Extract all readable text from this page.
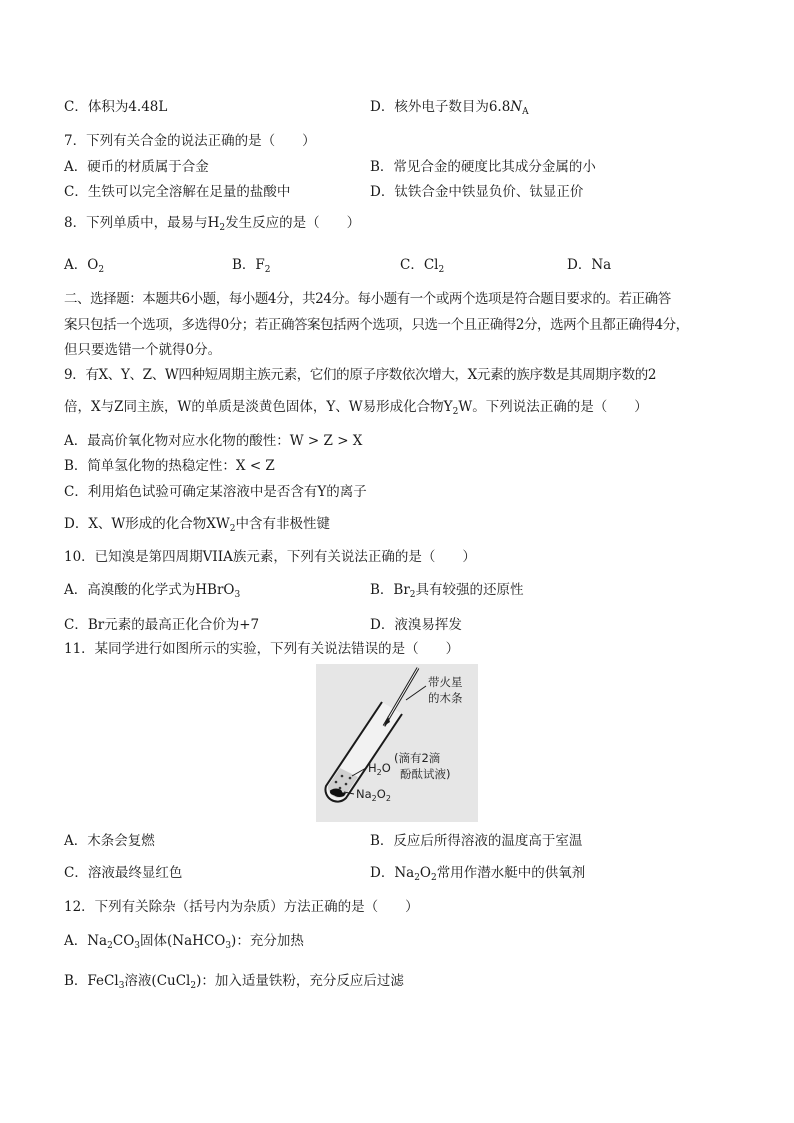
C．体积为4.48L	D．核外电子数目为$6.8N_A$
7．下列有关合金的说法正确的是（　　）
A．硬币的材质属于合金	B．常见合金的硬度比其成分金属的小
C．生铁可以完全溶解在足量的盐酸中	D．钛铁合金中铁显负价、钛显正价
8．下列单质中，最易与$H_2$发生反应的是（　　）
A．$O_2$	B．$F_2$	C．$Cl_2$	D．Na
二、选择题：本题共6小题，每小题4分，共24分。每小题有一个或两个选项是符合题目要求的。若正确答
案只包括一个选项，多选得0分；若正确答案包括两个选项，只选一个且正确得2分，选两个且都正确得4分，
但只要选错一个就得0分。
9．有X、Y、Z、W四种短周期主族元素，它们的原子序数依次增大，X元素的族序数是其周期序数的2
倍，X与Z同主族，W的单质是淡黄色固体，Y、W易形成化合物$Y_2W$。下列说法正确的是（　　）
A．最高价氧化物对应水化物的酸性：W > Z > X
B．简单氢化物的热稳定性：X < Z
C．利用焰色试验可确定某溶液中是否含有Y的离子
D．X、W形成的化合物$XW_2$中含有非极性键
10．已知溴是第四周期VIIA族元素，下列有关说法正确的是（　　）
A．高溴酸的化学式为HBrO$_3$	B．$Br_2$具有较强的还原性
C．Br元素的最高正化合价为+7	D．液溴易挥发
11．某同学进行如图所示的实验，下列有关说法错误的是（　　）
带火星
的木条
$H_2O$
(滴有2滴
酚酞试液)
$Na_2O_2$
A．木条会复燃	B．反应后所得溶液的温度高于室温
C．溶液最终显红色	D．$Na_2O_2$常用作潜水艇中的供氧剂
12．下列有关除杂（括号内为杂质）方法正确的是（　　）
A．$Na_2CO_3$固体(NaHCO$_3$)：充分加热
B．FeCl$_3$溶液(CuCl$_2$)：加入适量铁粉，充分反应后过滤
